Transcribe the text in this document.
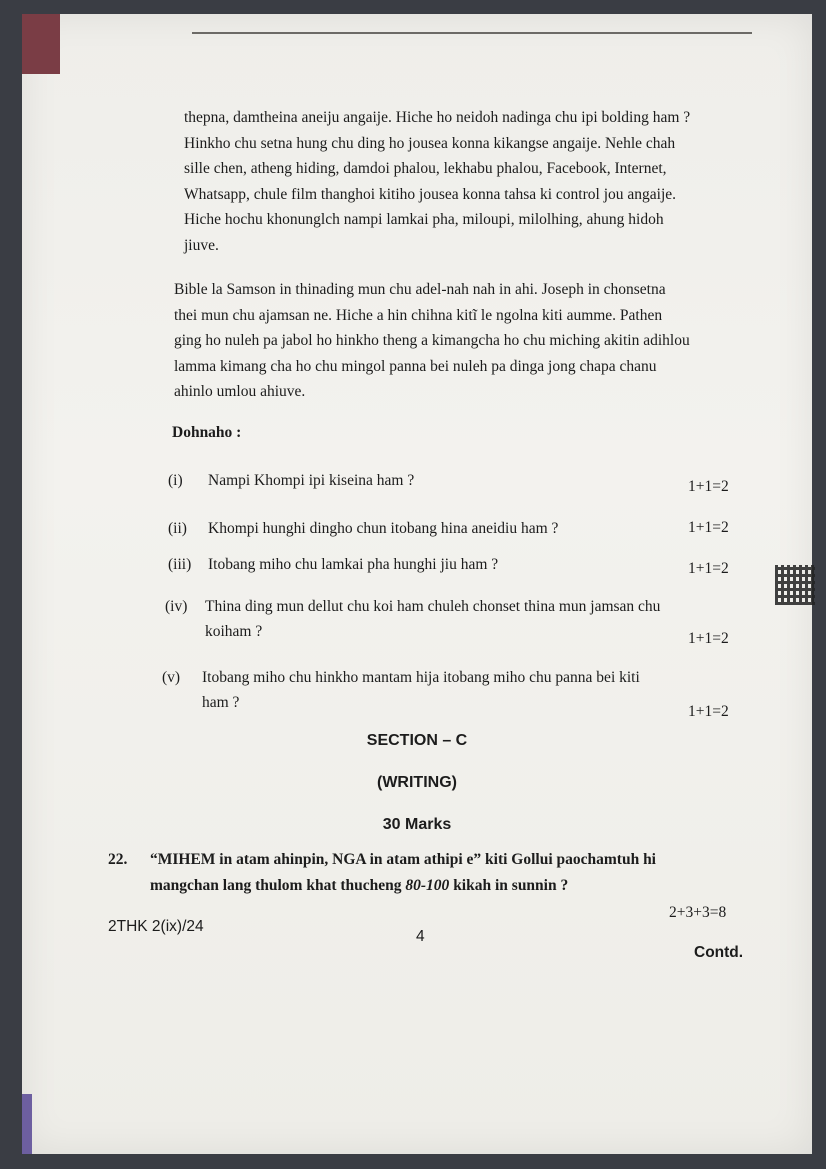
thepna, damtheina aneiju angaije. Hiche ho neidoh nadinga chu ipi bolding ham ?
Hinkho chu setna hung chu ding ho jousea konna kikangse angaije. Nehle chah
sille chen, atheng hiding, damdoi phalou, lekhabu phalou, Facebook, Internet,
Whatsapp, chule film thanghoi kitiho jousea konna tahsa ki control jou angaije.
Hiche hochu khonunglch nampi lamkai pha, miloupi, milolhing, ahung hidoh
jiuve.
Bible la Samson in thinading mun chu adel-nah nah in ahi. Joseph in chonsetna
thei mun chu ajamsan ne. Hiche a hin chihna kitĩ le ngolna kiti aumme. Pathen
ging ho nuleh pa jabol ho hinkho theng a kimangcha ho chu miching akitin adihlou
lamma kimang cha ho chu mingol panna bei nuleh pa dinga jong chapa chanu
ahinlo umlou ahiuve.
Dohnaho :
(i) Nampi Khompi ipi kiseina ham ?	1+1=2
(ii) Khompi hunghi dingho chun itobang hina aneidiu ham ?	1+1=2
(iii) Itobang miho chu lamkai pha hunghi jiu ham ?	1+1=2
(iv) Thina ding mun dellut chu koi ham chuleh chonset thina mun jamsan chu
koiham ?	1+1=2
(v) Itobang miho chu hinkho mantam hija itobang miho chu panna bei kiti
ham ?
1+1=2
SECTION – C
(WRITING)
30 Marks
22. “MIHEM in atam ahinpin, NGA in atam athipi e” kiti Gollui paochamtuh hi
mangchan lang thulom khat thucheng 80-100 kikah in sunnin ?
2+3+3=8
2THK 2(ix)/24
4
Contd.
